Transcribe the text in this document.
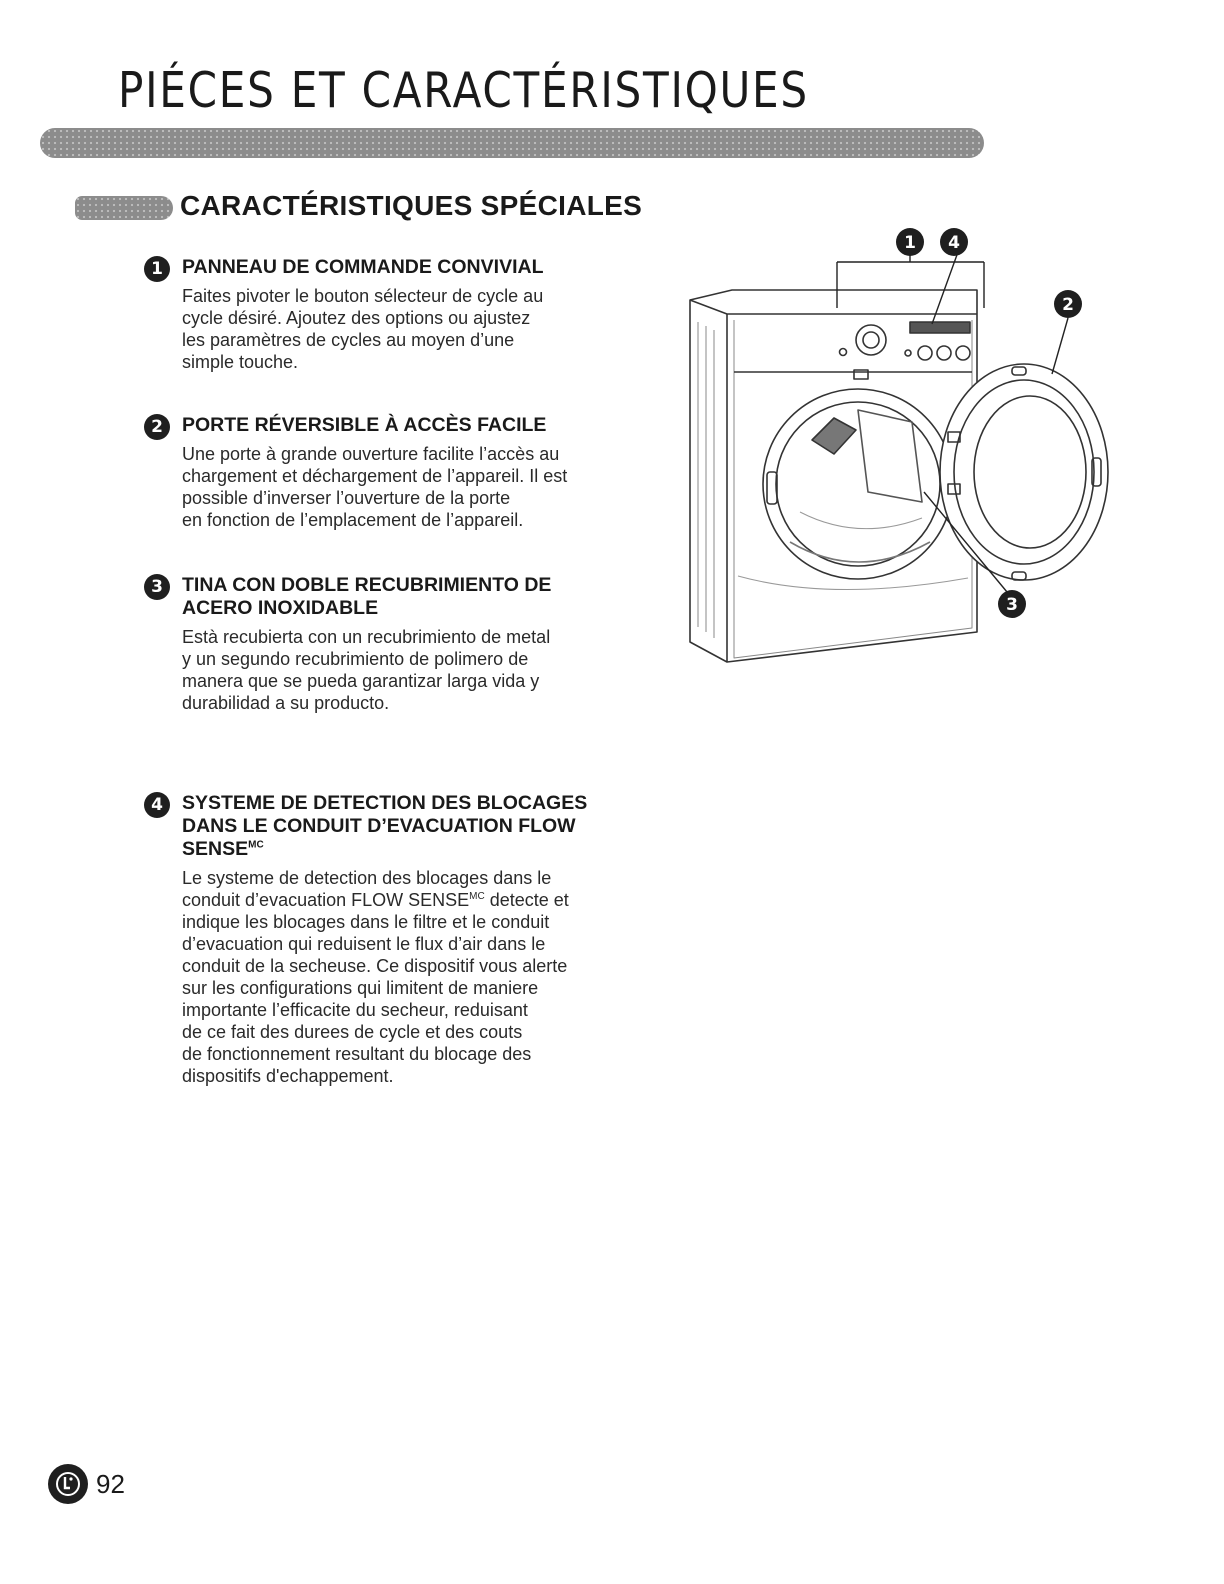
PIÉCES ET CARACTÉRISTIQUES
CARACTÉRISTIQUES SPÉCIALES
1 PANNEAU DE COMMANDE CONVIVIAL

Faites pivoter le bouton sélecteur de cycle au
cycle désiré. Ajoutez des options ou ajustez
les paramètres de cycles au moyen d’une
simple touche.

2 PORTE RÉVERSIBLE À ACCÈS FACILE

Une porte à grande ouverture facilite l’accès au
chargement et déchargement de l’appareil. Il est
possible d’inverser l’ouverture de la porte
en fonction de l’emplacement de l’appareil.

3 TINA CON DOBLE RECUBRIMIENTO DE ACERO INOXIDABLE

Està recubierta con un recubrimiento de metal
y un segundo recubrimiento de polimero de
manera que se pueda garantizar larga vida y
durabilidad a su producto.

4 SYSTEME DE DETECTION DES BLOCAGES DANS LE CONDUIT D’EVACUATION FLOW $SENSE^{MC}$

Le systeme de detection des blocages dans le
conduit d’evacuation FLOW $SENSE^{MC}$ detecte et
indique les blocages dans le filtre et le conduit
d’evacuation qui reduisent le flux d’air dans le
conduit de la secheuse. Ce dispositif vous alerte
sur les configurations qui limitent de maniere
importante l’efficacite du secheur, reduisant
de ce fait des durees de cycle et des couts
de fonctionnement resultant du blocage des
dispositifs d'echappement.

1 4
2
3
92
